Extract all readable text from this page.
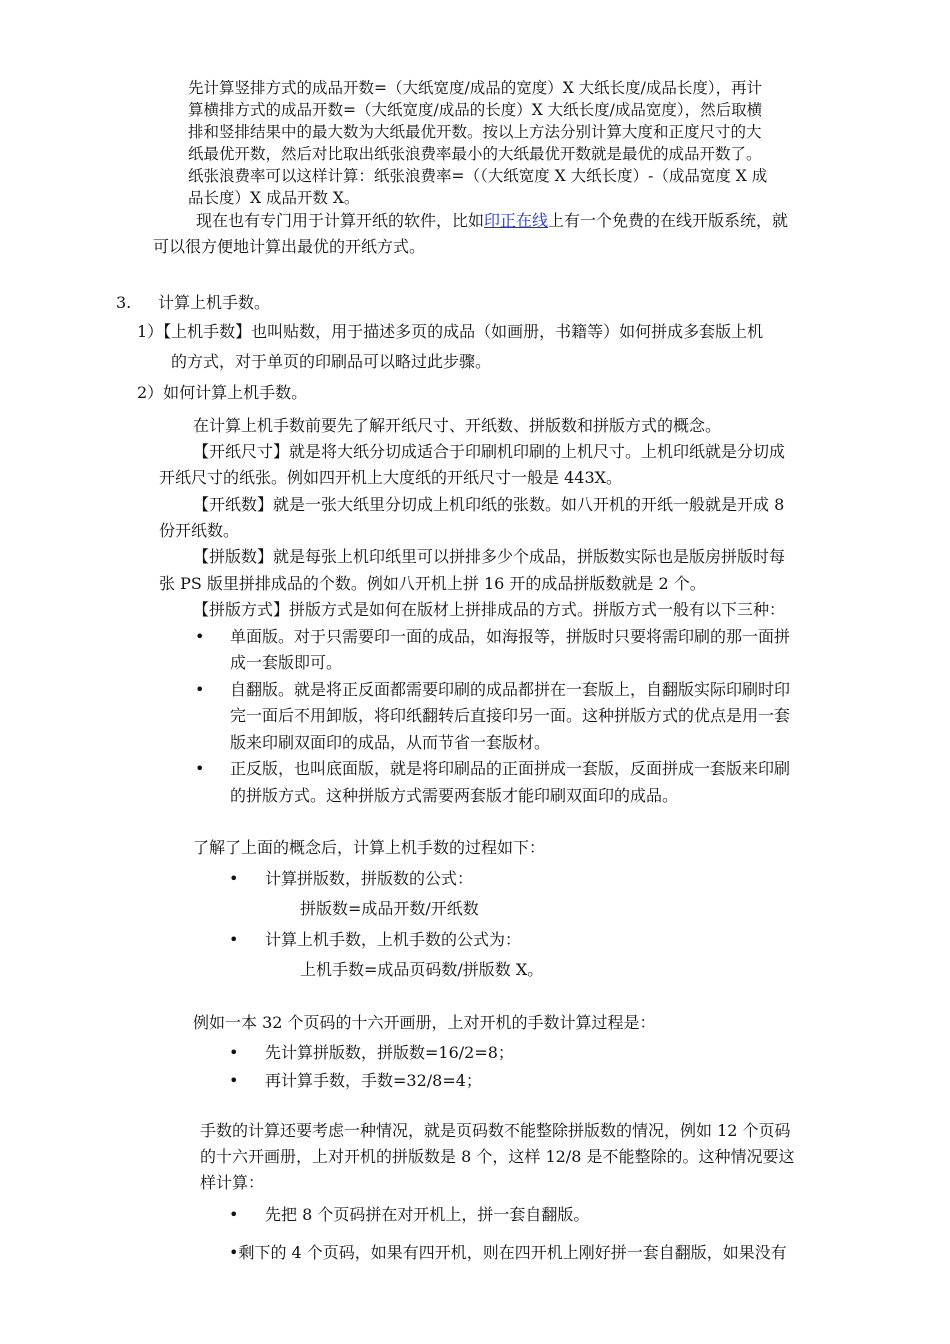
先计算竖排方式的成品开数=（大纸宽度/成品的宽度）X 大纸长度/成品长度），再计
算横排方式的成品开数=（大纸宽度/成品的长度）X 大纸长度/成品宽度），然后取横
排和竖排结果中的最大数为大纸最优开数。按以上方法分别计算大度和正度尺寸的大
纸最优开数，然后对比取出纸张浪费率最小的大纸最优开数就是最优的成品开数了。
纸张浪费率可以这样计算：纸张浪费率=（（大纸宽度 X 大纸长度）-（成品宽度 X 成
品长度）X 成品开数 X。
现在也有专门用于计算开纸的软件，比如印正在线上有一个免费的在线开版系统，就
可以很方便地计算出最优的开纸方式。
3. 计算上机手数。
1）【上机手数】也叫贴数，用于描述多页的成品（如画册，书籍等）如何拼成多套版上机
的方式，对于单页的印刷品可以略过此步骤。
2）如何计算上机手数。
在计算上机手数前要先了解开纸尺寸、开纸数、拼版数和拼版方式的概念。
【开纸尺寸】就是将大纸分切成适合于印刷机印刷的上机尺寸。上机印纸就是分切成
开纸尺寸的纸张。例如四开机上大度纸的开纸尺寸一般是 443X。
【开纸数】就是一张大纸里分切成上机印纸的张数。如八开机的开纸一般就是开成 8
份开纸数。
【拼版数】就是每张上机印纸里可以拼排多少个成品，拼版数实际也是版房拼版时每
张 PS 版里拼排成品的个数。例如八开机上拼 16 开的成品拼版数就是 2 个。
【拼版方式】拼版方式是如何在版材上拼排成品的方式。拼版方式一般有以下三种：
• 单面版。对于只需要印一面的成品，如海报等，拼版时只要将需印刷的那一面拼
成一套版即可。
• 自翻版。就是将正反面都需要印刷的成品都拼在一套版上，自翻版实际印刷时印
完一面后不用卸版，将印纸翻转后直接印另一面。这种拼版方式的优点是用一套
版来印刷双面印的成品，从而节省一套版材。
• 正反版，也叫底面版，就是将印刷品的正面拼成一套版，反面拼成一套版来印刷
的拼版方式。这种拼版方式需要两套版才能印刷双面印的成品。
了解了上面的概念后，计算上机手数的过程如下：
• 计算拼版数，拼版数的公式：
拼版数=成品开数/开纸数
• 计算上机手数，上机手数的公式为：
上机手数=成品页码数/拼版数 X。
例如一本 32 个页码的十六开画册，上对开机的手数计算过程是：
• 先计算拼版数，拼版数=16/2=8；
• 再计算手数，手数=32/8=4；
手数的计算还要考虑一种情况，就是页码数不能整除拼版数的情况，例如 12 个页码
的十六开画册，上对开机的拼版数是 8 个，这样 12/8 是不能整除的。这种情况要这
样计算：
• 先把 8 个页码拼在对开机上，拼一套自翻版。
•剩下的 4 个页码，如果有四开机，则在四开机上刚好拼一套自翻版，如果没有
